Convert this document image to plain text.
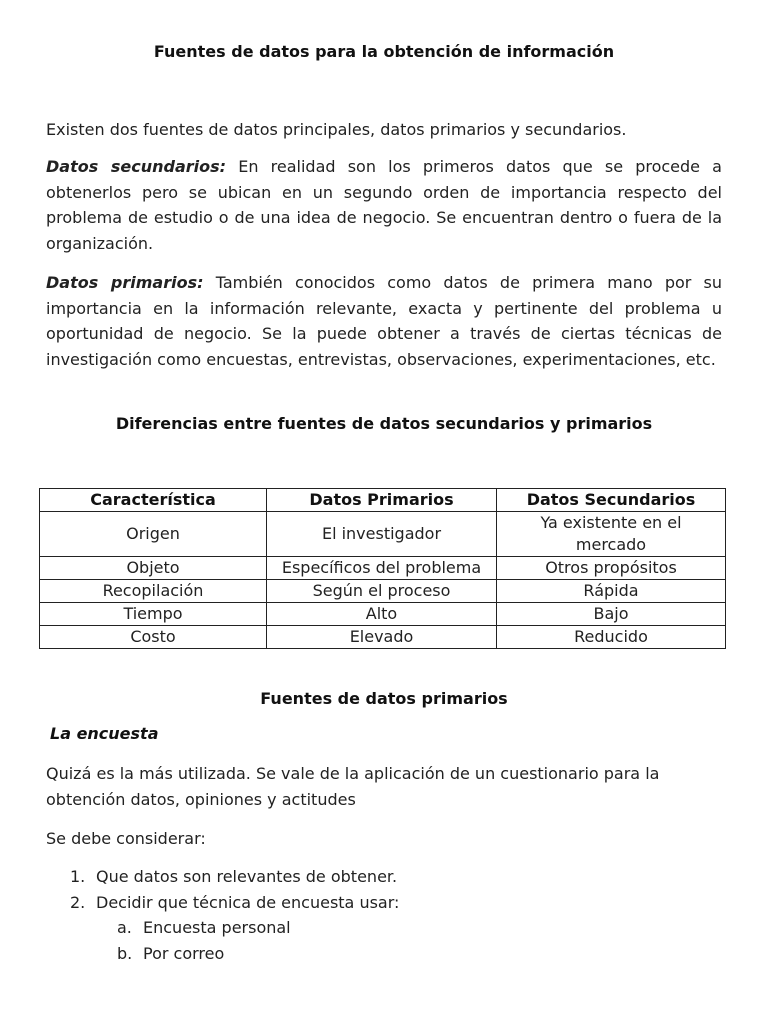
Fuentes de datos para la obtención de información
Existen dos fuentes de datos principales, datos primarios y secundarios.
Datos secundarios: En realidad son los primeros datos que se procede a obtenerlos pero se ubican en un segundo orden de importancia respecto del problema de estudio o de una idea de negocio. Se encuentran dentro o fuera de la organización.
Datos primarios: También conocidos como datos de primera mano por su importancia en la información relevante, exacta y pertinente del problema u oportunidad de negocio. Se la puede obtener a través de ciertas técnicas de investigación como encuestas, entrevistas, observaciones, experimentaciones, etc.
Diferencias entre fuentes de datos secundarios y primarios
Característica	Datos Primarios	Datos Secundarios
Origen	El investigador	Ya existente en el mercado
Objeto	Específicos del problema	Otros propósitos
Recopilación	Según el proceso	Rápida
Tiempo	Alto	Bajo
Costo	Elevado	Reducido
Fuentes de datos primarios
La encuesta
Quizá es la más utilizada. Se vale de la aplicación de un cuestionario para la obtención datos, opiniones y actitudes
Se debe considerar:
1. Que datos son relevantes de obtener.
2. Decidir que técnica de encuesta usar:
a. Encuesta personal
b. Por correo
